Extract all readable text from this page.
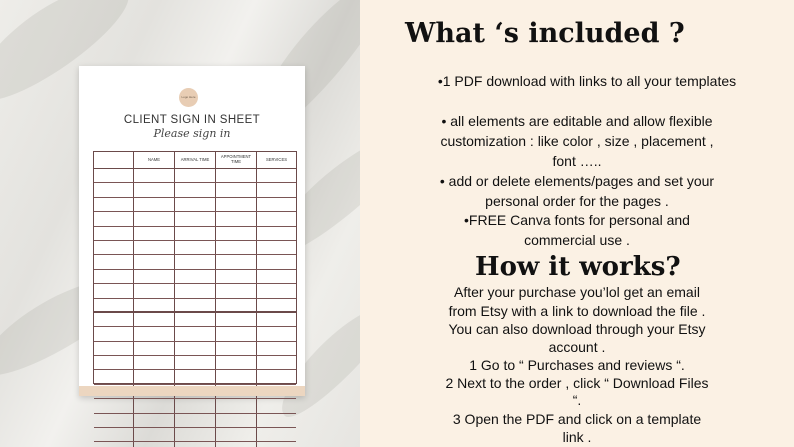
Logo Here
CLIENT SIGN IN SHEET
Please sign in
NAME	ARRIVAL TIME	APPOINTMENT TIME	SERVICES
What ‘s included ?
•1 PDF download with links to all your templates
• all elements are editable and allow flexible
customization : like color , size , placement ,
font …..
• add or delete elements/pages and set your
personal order for the pages .
•FREE Canva fonts for personal and
commercial use .
How it works?
After your purchase you’lol get an email
from Etsy with a link to download the file .
You can also download through your Etsy
account .
1 Go to “ Purchases and reviews “.
2 Next to the order , click “ Download Files
“.
3 Open the PDF and click on a template
link .
